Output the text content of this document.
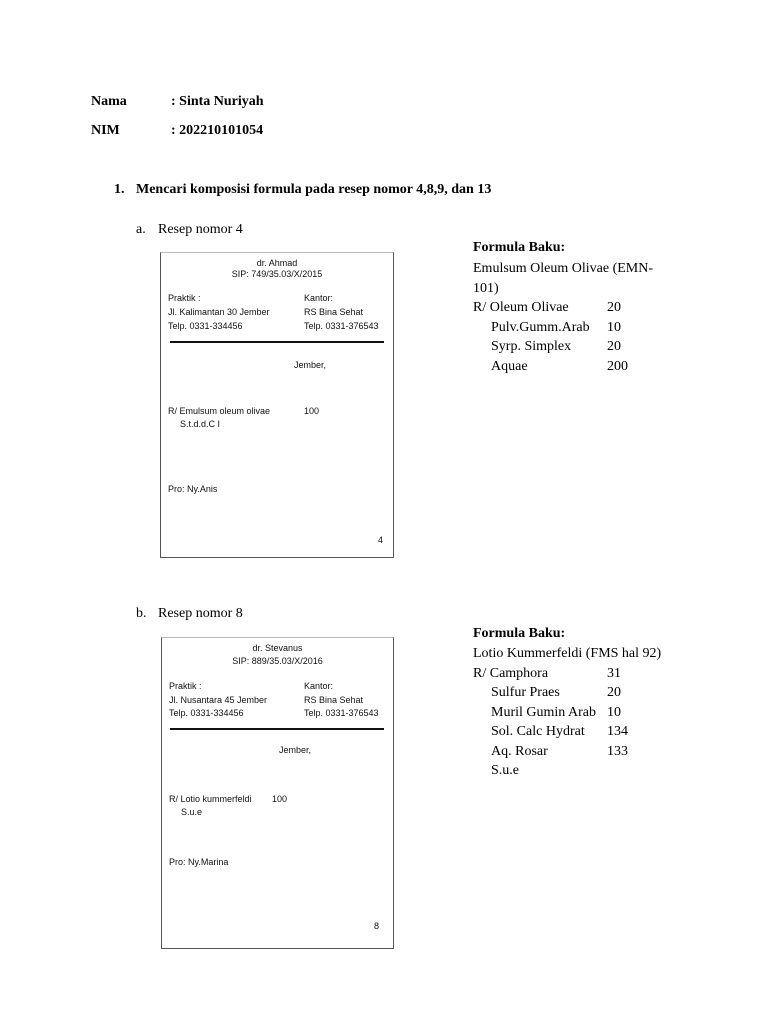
Nama	: Sinta Nuriyah
NIM	: 202210101054
1. Mencari komposisi formula pada resep nomor 4,8,9, dan 13
a. Resep nomor 4
dr. Ahmad
SIP: 749/35.03/X/2015
Praktik :
Jl. Kalimantan 30 Jember
Telp. 0331-334456
Kantor:
RS Bina Sehat
Telp. 0331-376543
Jember,
R/ Emulsum oleum olivae	100
S.t.d.d.C I
Pro: Ny.Anis
4
Formula Baku:
Emulsum Oleum Olivae (EMN-
101)
R/ Oleum Olivae	20
Pulv.Gumm.Arab 10
Syrp. Simplex	20
Aquae	200
b. Resep nomor 8
dr. Stevanus
SIP: 889/35.03/X/2016
Praktik :
Jl. Nusantara 45 Jember
Telp. 0331-334456
Kantor:
RS Bina Sehat
Telp. 0331-376543
Jember,
R/ Lotio kummerfeldi 100
S.u.e
Pro: Ny.Marina
8
Formula Baku:
Lotio Kummerfeldi (FMS hal 92)
R/ Camphora	31
Sulfur Praes	20
Muril Gumin Arab 10
Sol. Calc Hydrat 134
Aq. Rosar	133
S.u.e
